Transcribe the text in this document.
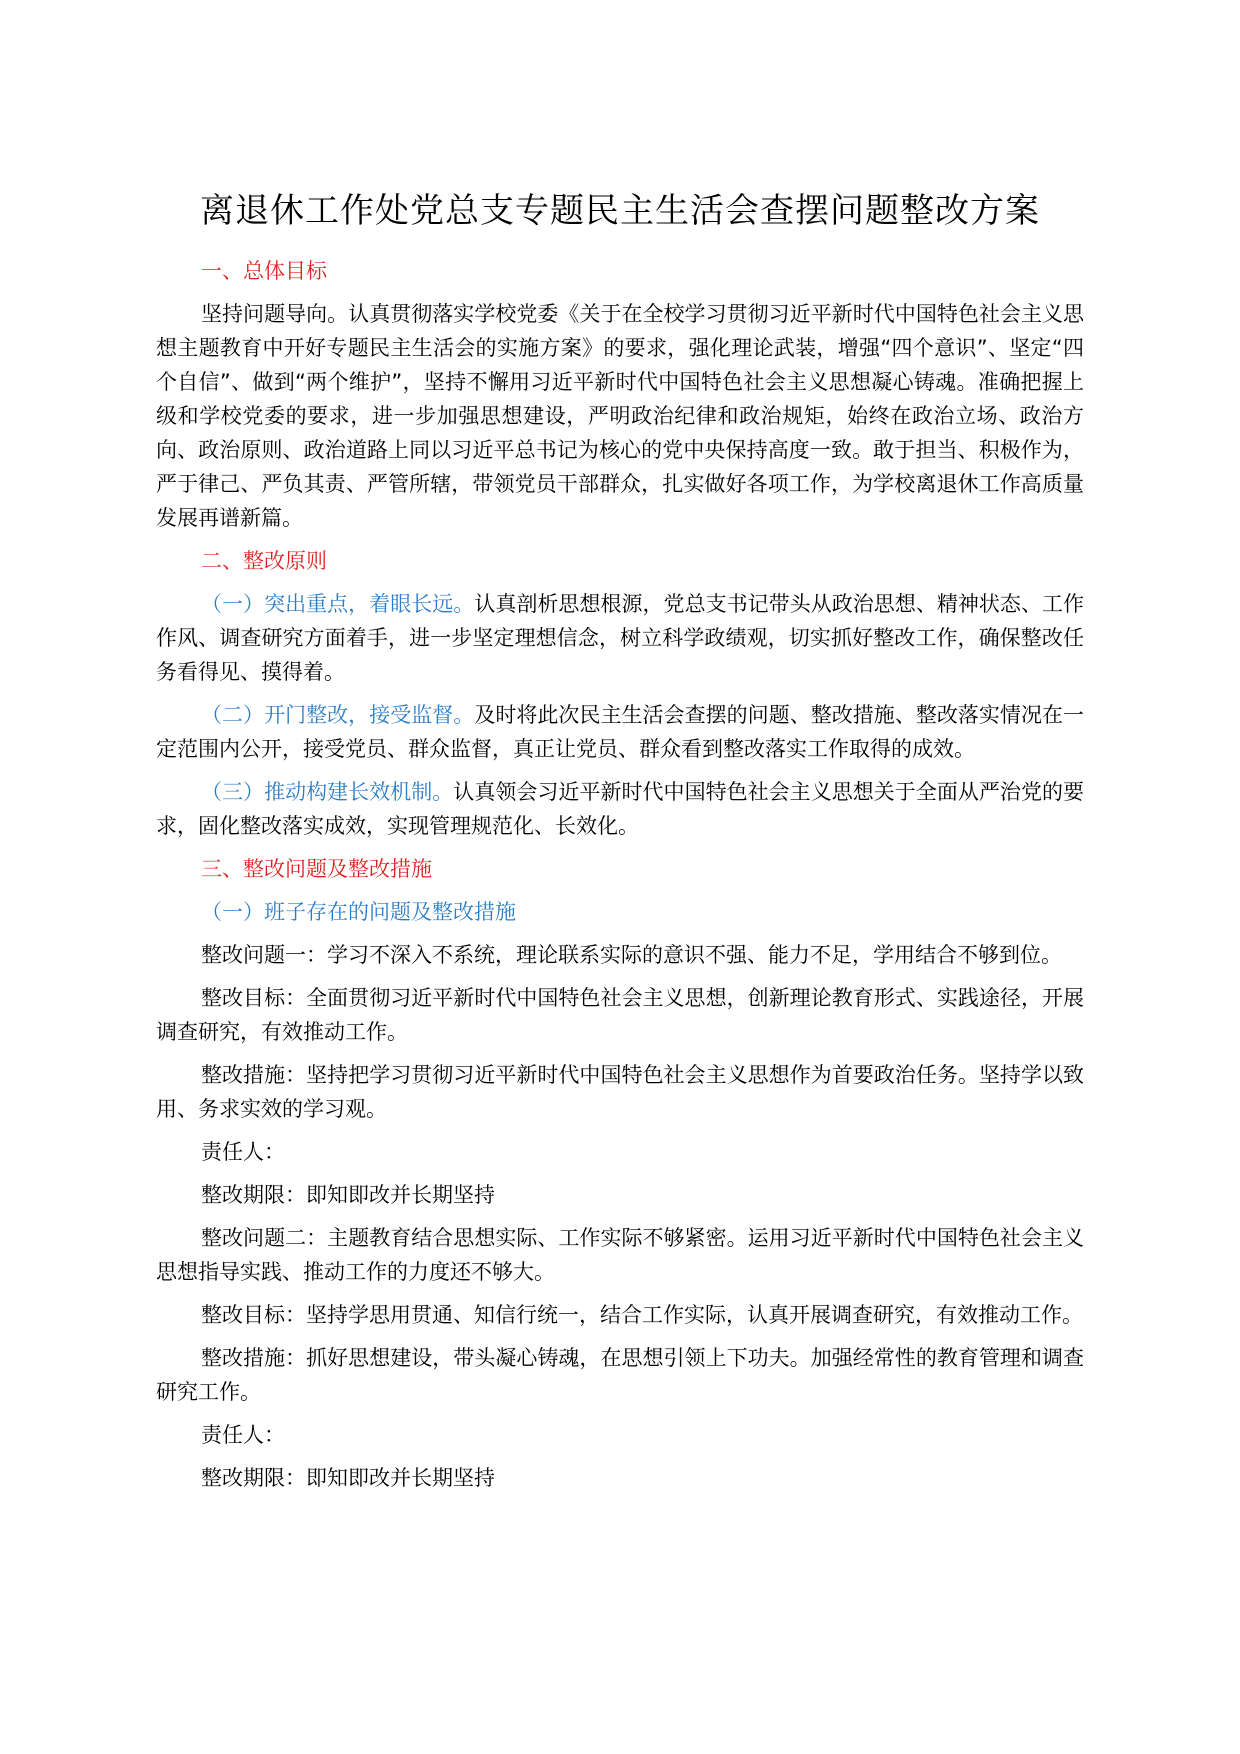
离退休工作处党总支专题民主生活会查摆问题整改方案
一、总体目标
坚持问题导向。认真贯彻落实学校党委《关于在全校学习贯彻习近平新时代中国特色社会主义思想主题教育中开好专题民主生活会的实施方案》的要求，强化理论武装，增强“四个意识”、坚定“四个自信”、做到“两个维护”，坚持不懈用习近平新时代中国特色社会主义思想凝心铸魂。准确把握上级和学校党委的要求，进一步加强思想建设，严明政治纪律和政治规矩，始终在政治立场、政治方向、政治原则、政治道路上同以习近平总书记为核心的党中央保持高度一致。敢于担当、积极作为，严于律己、严负其责、严管所辖，带领党员干部群众，扎实做好各项工作，为学校离退休工作高质量发展再谱新篇。
二、整改原则
（一）突出重点，着眼长远。认真剖析思想根源，党总支书记带头从政治思想、精神状态、工作作风、调查研究方面着手，进一步坚定理想信念，树立科学政绩观，切实抓好整改工作，确保整改任务看得见、摸得着。
（二）开门整改，接受监督。及时将此次民主生活会查摆的问题、整改措施、整改落实情况在一定范围内公开，接受党员、群众监督，真正让党员、群众看到整改落实工作取得的成效。
（三）推动构建长效机制。认真领会习近平新时代中国特色社会主义思想关于全面从严治党的要求，固化整改落实成效，实现管理规范化、长效化。
三、整改问题及整改措施
（一）班子存在的问题及整改措施
整改问题一：学习不深入不系统，理论联系实际的意识不强、能力不足，学用结合不够到位。
整改目标：全面贯彻习近平新时代中国特色社会主义思想，创新理论教育形式、实践途径，开展调查研究，有效推动工作。
整改措施：坚持把学习贯彻习近平新时代中国特色社会主义思想作为首要政治任务。坚持学以致用、务求实效的学习观。
责任人：
整改期限：即知即改并长期坚持
整改问题二：主题教育结合思想实际、工作实际不够紧密。运用习近平新时代中国特色社会主义思想指导实践、推动工作的力度还不够大。
整改目标：坚持学思用贯通、知信行统一，结合工作实际，认真开展调查研究，有效推动工作。
整改措施：抓好思想建设，带头凝心铸魂，在思想引领上下功夫。加强经常性的教育管理和调查研究工作。
责任人：
整改期限：即知即改并长期坚持
